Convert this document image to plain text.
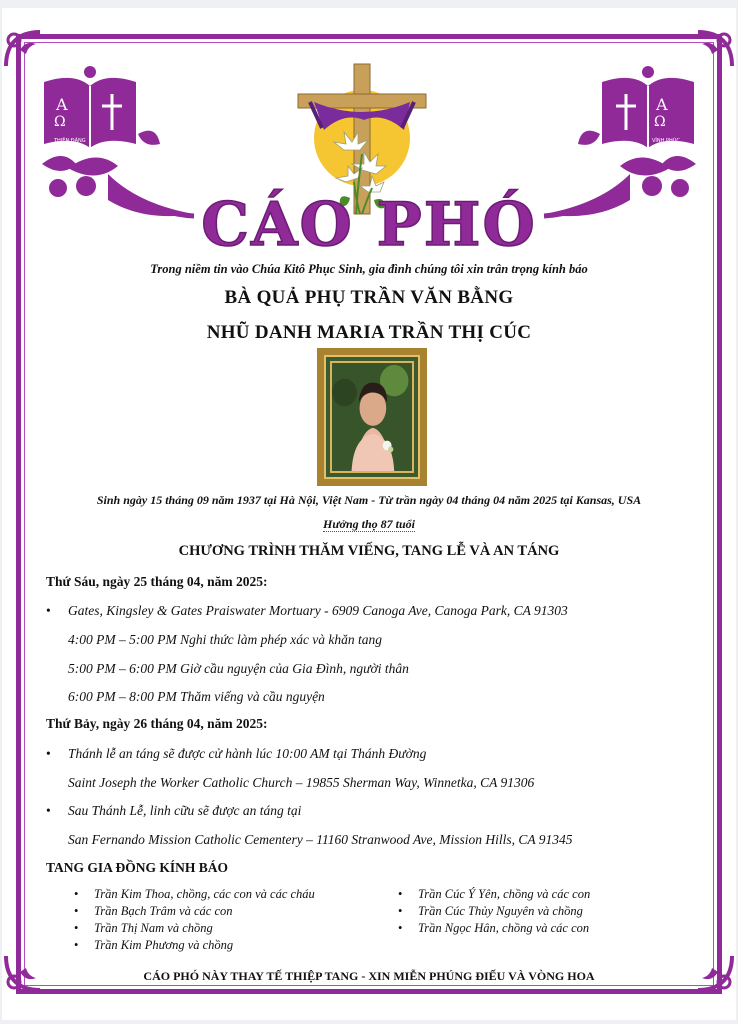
A
Ω
THIÊN ĐÀNG
A
Ω
VĨNH PHÚC
CÁO PHÓ
Trong niềm tin vào Chúa Kitô Phục Sinh, gia đình chúng tôi xin trân trọng kính báo
BÀ QUẢ PHỤ TRẦN VĂN BẰNG
NHŨ DANH MARIA TRẦN THỊ CÚC
Sinh ngày 15 tháng 09 năm 1937 tại Hà Nội, Việt Nam - Từ trần ngày 04 tháng 04 năm 2025 tại Kansas, USA
Hưởng thọ 87 tuổi
CHƯƠNG TRÌNH THĂM VIẾNG, TANG LỄ VÀ AN TÁNG
Thứ Sáu, ngày 25 tháng 04, năm 2025:
• Gates, Kingsley & Gates Praiswater Mortuary - 6909 Canoga Ave, Canoga Park, CA 91303
4:00 PM – 5:00 PM Nghi thức làm phép xác và khăn tang
5:00 PM – 6:00 PM Giờ cầu nguyện của Gia Đình, người thân
6:00 PM – 8:00 PM Thăm viếng và cầu nguyện
Thứ Bảy, ngày 26 tháng 04, năm 2025:
• Thánh lễ an táng sẽ được cử hành lúc 10:00 AM tại Thánh Đường
Saint Joseph the Worker Catholic Church – 19855 Sherman Way, Winnetka, CA 91306
• Sau Thánh Lễ, linh cữu sẽ được an táng tại
San Fernando Mission Catholic Cementery – 11160 Stranwood Ave, Mission Hills, CA 91345
TANG GIA ĐỒNG KÍNH BÁO
• Trần Kim Thoa, chồng, các con và các cháu
• Trần Bạch Trâm và các con
• Trần Thị Nam và chồng
• Trần Kim Phương và chồng
• Trần Cúc Ý Yên, chồng và các con
• Trần Cúc Thủy Nguyên và chồng
• Trần Ngọc Hân, chồng và các con
CÁO PHÓ NÀY THAY TẾ THIỆP TANG - XIN MIỄN PHÚNG ĐIẾU VÀ VÒNG HOA
